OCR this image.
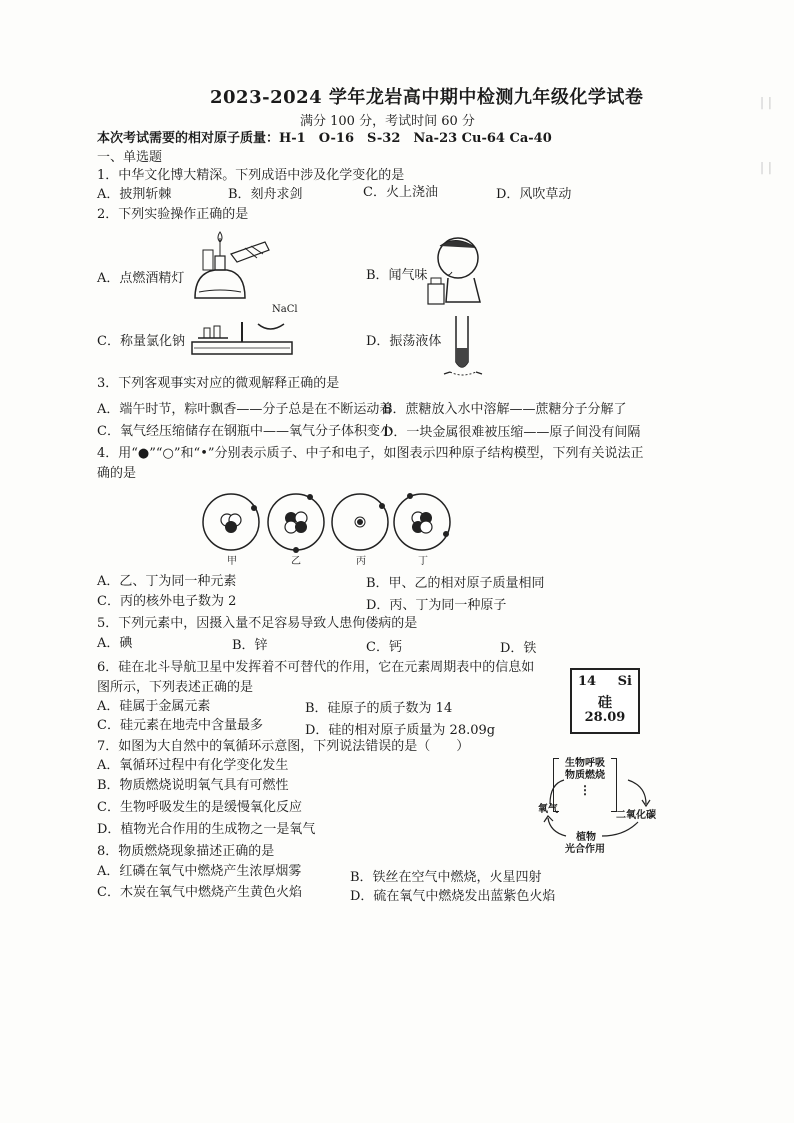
| |
| |
2023-2024 学年龙岩高中期中检测九年级化学试卷
满分 100 分，考试时间 60 分
本次考试需要的相对原子质量：H-1　O-16　S-32　Na-23 Cu-64 Ca-40
一、单选题
1．中华文化博大精深。下列成语中涉及化学变化的是
A．披荆斩棘	B．刻舟求剑	C．火上浇油	D．风吹草动
2．下列实验操作正确的是
A．点燃酒精灯	B．闻气味
NaCl
C．称量氯化钠	D．振荡液体
3．下列客观事实对应的微观解释正确的是
A．端午时节，粽叶飘香——分子总是在不断运动着
B．蔗糖放入水中溶解——蔗糖分子分解了
C．氧气经压缩储存在钢瓶中——氧气分子体积变小
D．一块金属很难被压缩——原子间没有间隔
4．用“●”“○”和“•”分别表示质子、中子和电子，如图表示四种原子结构模型，下列有关说法正
确的是
甲	乙	丙	丁
A．乙、丁为同一种元素	B．甲、乙的相对原子质量相同
C．丙的核外电子数为 2	D．丙、丁为同一种原子
5．下列元素中，因摄入量不足容易导致人患佝偻病的是
A．碘	B．锌	C．钙	D．铁
6．硅在北斗导航卫星中发挥着不可替代的作用，它在元素周期表中的信息如
图所示，下列表述正确的是
A．硅属于金属元素	B．硅原子的质子数为 14
C．硅元素在地壳中含量最多	D．硅的相对原子质量为 28.09g
14 Si
硅
28.09
7．如图为大自然中的氧循环示意图，下列说法错误的是（　　）
A．氧循环过程中有化学变化发生
B．物质燃烧说明氧气具有可燃性
C．生物呼吸发生的是缓慢氧化反应
D．植物光合作用的生成物之一是氧气
生物呼吸
物质燃烧
⋮
氧气
二氧化碳
植物
光合作用
8．物质燃烧现象描述正确的是
A．红磷在氧气中燃烧产生浓厚烟雾	B．铁丝在空气中燃烧，火星四射
C．木炭在氧气中燃烧产生黄色火焰	D．硫在氧气中燃烧发出蓝紫色火焰
